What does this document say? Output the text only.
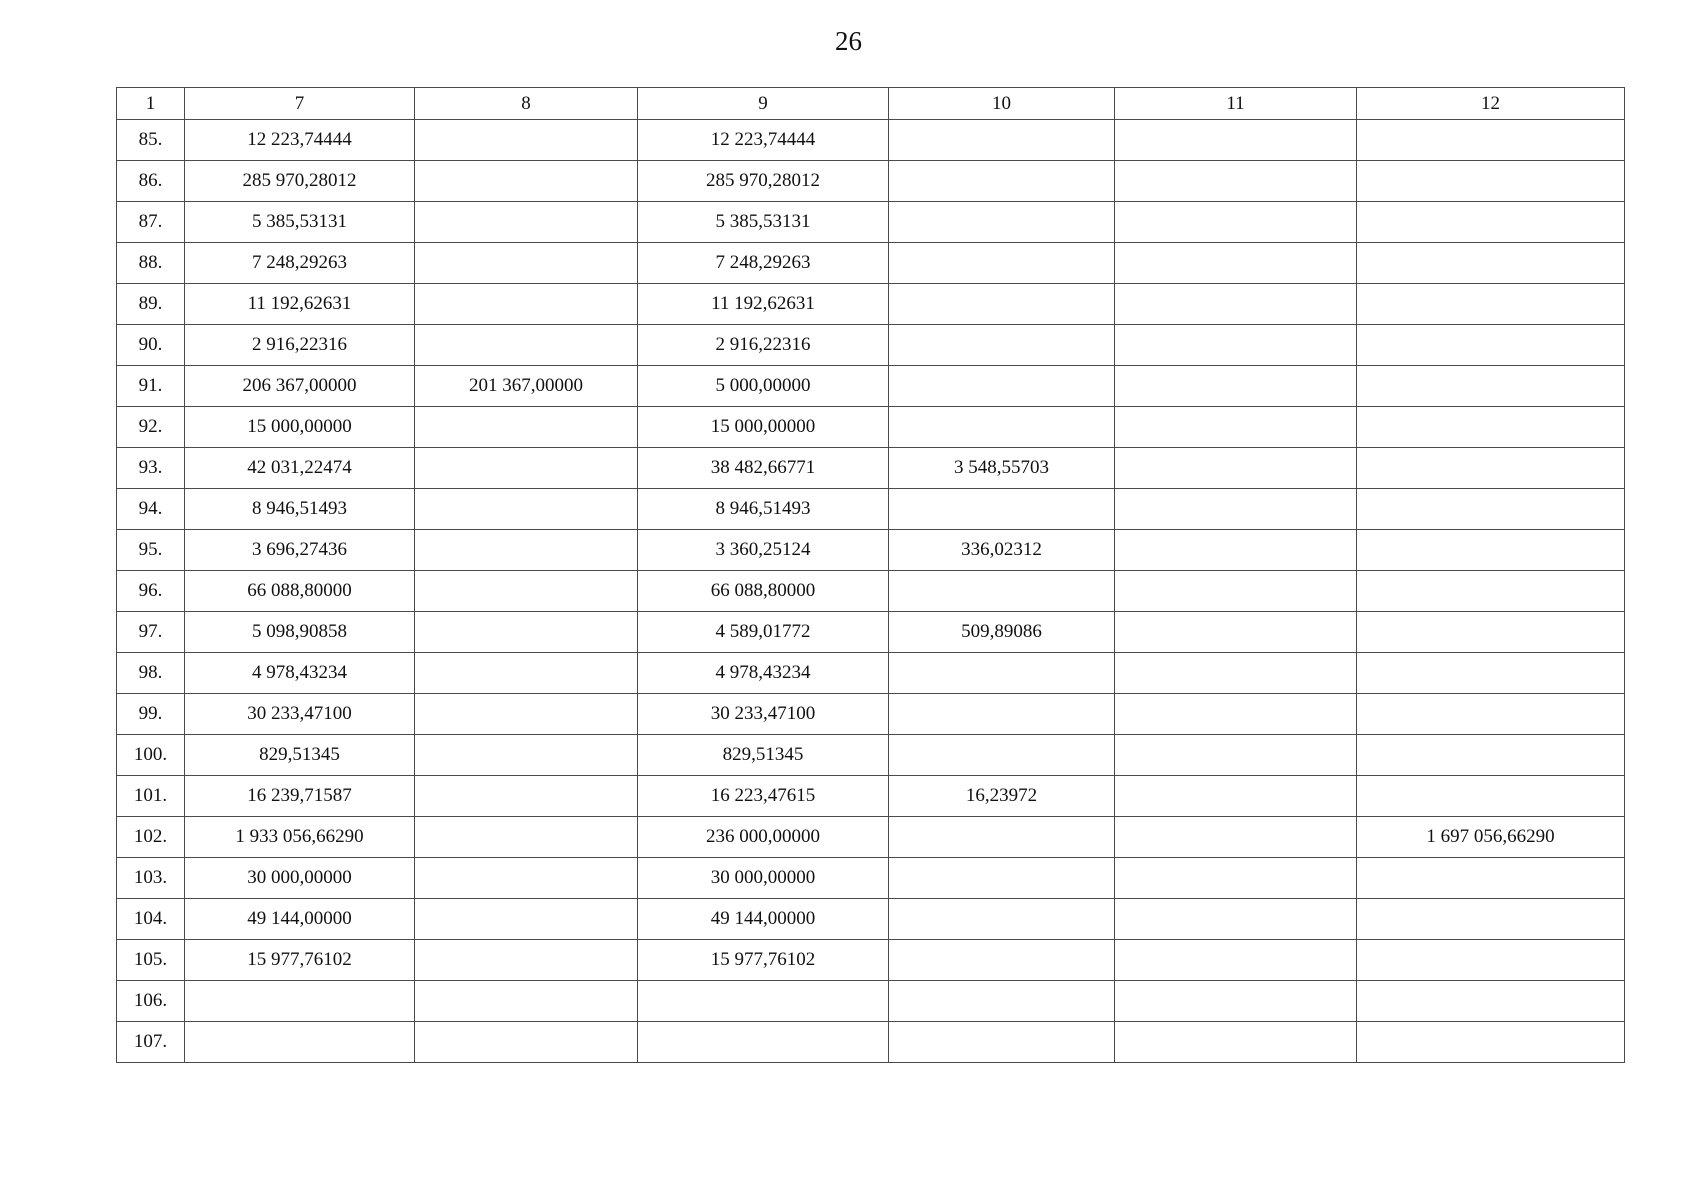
26
1	7	8	9	10	11	12
85.	12 223,74444		12 223,74444			
86.	285 970,28012		285 970,28012			
87.	5 385,53131		5 385,53131			
88.	7 248,29263		7 248,29263			
89.	11 192,62631		11 192,62631			
90.	2 916,22316		2 916,22316			
91.	206 367,00000	201 367,00000	5 000,00000			
92.	15 000,00000		15 000,00000			
93.	42 031,22474		38 482,66771	3 548,55703		
94.	8 946,51493		8 946,51493			
95.	3 696,27436		3 360,25124	336,02312		
96.	66 088,80000		66 088,80000			
97.	5 098,90858		4 589,01772	509,89086		
98.	4 978,43234		4 978,43234			
99.	30 233,47100		30 233,47100			
100.	829,51345		829,51345			
101.	16 239,71587		16 223,47615	16,23972		
102.	1 933 056,66290		236 000,00000			1 697 056,66290
103.	30 000,00000		30 000,00000			
104.	49 144,00000		49 144,00000			
105.	15 977,76102		15 977,76102			
106.						
107.						
